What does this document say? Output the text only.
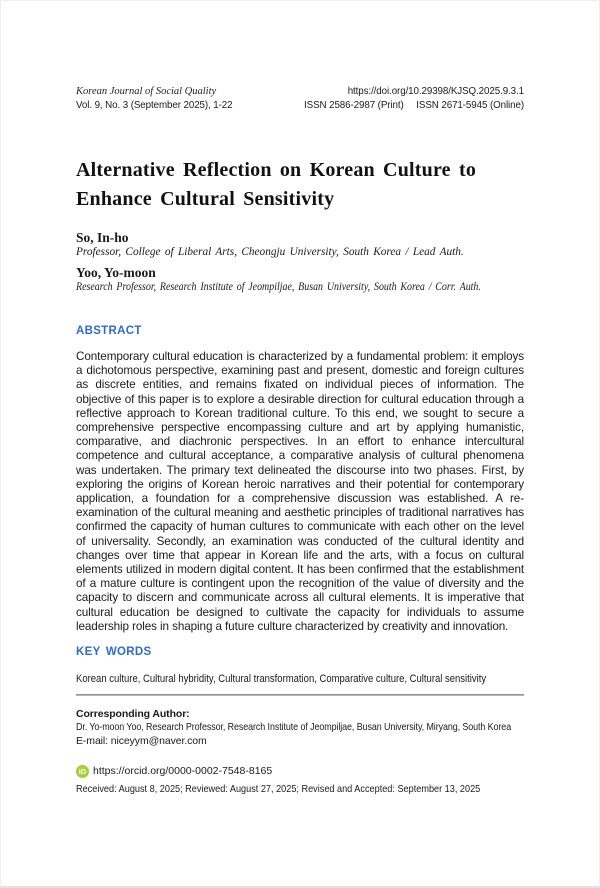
Korean Journal of Social Quality
Vol. 9, No. 3 (September 2025), 1-22
https://doi.org/10.29398/KJSQ.2025.9.3.1
ISSN 2586-2987 (Print) ISSN 2671-5945 (Online)
Alternative Reflection on Korean Culture to
Enhance Cultural Sensitivity
So, In-ho
Professor, College of Liberal Arts, Cheongju University, South Korea / Lead Auth.
Yoo, Yo-moon
Research Professor, Research Institute of Jeompiljae, Busan University, South Korea / Corr. Auth.
ABSTRACT

Contemporary cultural education is characterized by a fundamental problem: it employs a dichotomous perspective, examining past and present, domestic and foreign cultures as discrete entities, and remains fixated on individual pieces of information. The objective of this paper is to explore a desirable direction for cultural education through a reflective approach to Korean traditional culture. To this end, we sought to secure a comprehensive perspective encompassing culture and art by applying humanistic, comparative, and diachronic perspectives. In an effort to enhance intercultural competence and cultural acceptance, a comparative analysis of cultural phenomena was undertaken. The primary text delineated the discourse into two phases. First, by exploring the origins of Korean heroic narratives and their potential for contemporary application, a foundation for a comprehensive discussion was established. A re-examination of the cultural meaning and aesthetic principles of traditional narratives has confirmed the capacity of human cultures to communicate with each other on the level of universality. Secondly, an examination was conducted of the cultural identity and changes over time that appear in Korean life and the arts, with a focus on cultural elements utilized in modern digital content. It has been confirmed that the establishment of a mature culture is contingent upon the recognition of the value of diversity and the capacity to discern and communicate across all cultural elements. It is imperative that cultural education be designed to cultivate the capacity for individuals to assume leadership roles in shaping a future culture characterized by creativity and innovation.

KEY WORDS
Korean culture, Cultural hybridity, Cultural transformation, Comparative culture, Cultural sensitivity
Corresponding Author:
Dr. Yo-moon Yoo, Research Professor, Research Institute of Jeompiljae, Busan University, Miryang, South Korea
E-mail: niceyym@naver.com
iD https://orcid.org/0000-0002-7548-8165
Received: August 8, 2025; Reviewed: August 27, 2025; Revised and Accepted: September 13, 2025
